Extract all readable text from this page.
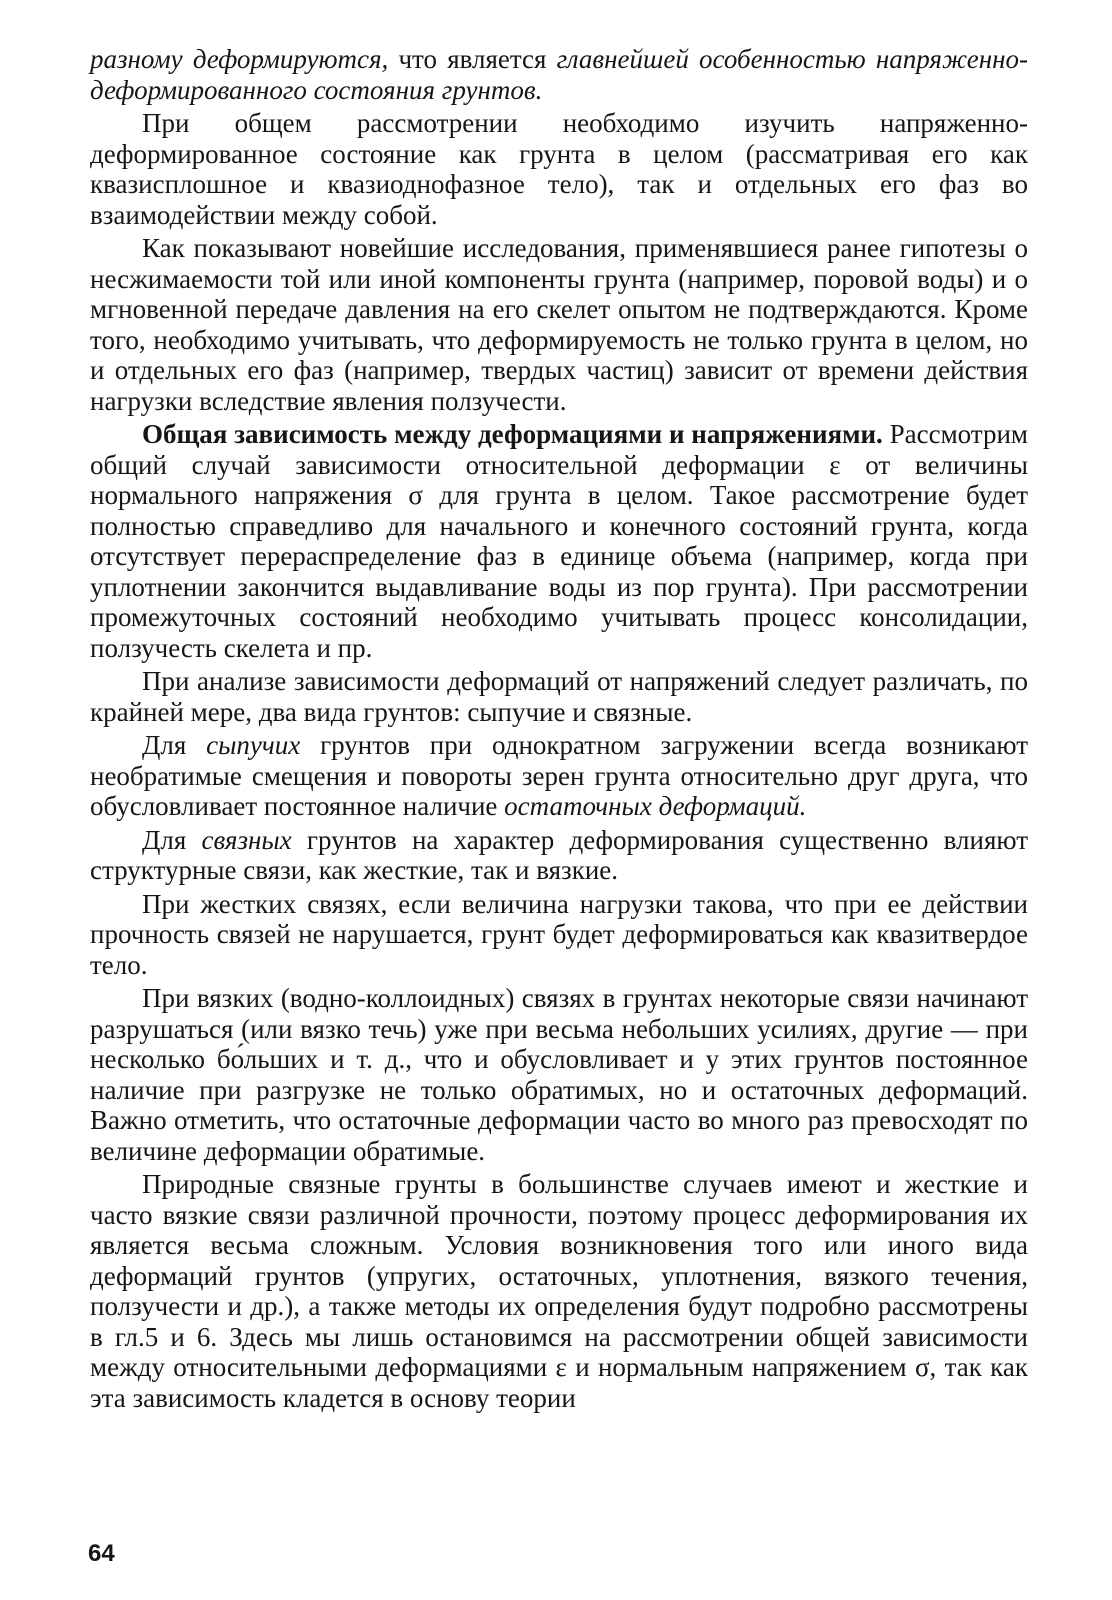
разному деформируются, что является главнейшей особенностью напряженно-деформированного состояния грунтов.

При общем рассмотрении необходимо изучить напряженно-деформированное состояние как грунта в целом (рассматривая его как квазисплошное и квазиоднофазное тело), так и отдельных его фаз во взаимодействии между собой.

Как показывают новейшие исследования, применявшиеся ранее гипотезы о несжимаемости той или иной компоненты грунта (например, поровой воды) и о мгновенной передаче давления на его скелет опытом не подтверждаются. Кроме того, необходимо учитывать, что деформируемость не только грунта в целом, но и отдельных его фаз (например, твердых частиц) зависит от времени действия нагрузки вследствие явления ползучести.

Общая зависимость между деформациями и напряжениями. Рассмотрим общий случай зависимости относительной деформации ε от величины нормального напряжения σ для грунта в целом. Такое рассмотрение будет полностью справедливо для начального и конечного состояний грунта, когда отсутствует перераспределение фаз в единице объема (например, когда при уплотнении закончится выдавливание воды из пор грунта). При рассмотрении промежуточных состояний необходимо учитывать процесс консолидации, ползучесть скелета и пр.

При анализе зависимости деформаций от напряжений следует различать, по крайней мере, два вида грунтов: сыпучие и связные.

Для сыпучих грунтов при однократном загружении всегда возникают необратимые смещения и повороты зерен грунта относительно друг друга, что обусловливает постоянное наличие остаточных деформаций.

Для связных грунтов на характер деформирования существенно влияют структурные связи, как жесткие, так и вязкие.

При жестких связях, если величина нагрузки такова, что при ее действии прочность связей не нарушается, грунт будет деформироваться как квазитвердое тело.

При вязких (водно-коллоидных) связях в грунтах некоторые связи начинают разрушаться (или вязко течь) уже при весьма небольших усилиях, другие — при несколько бо́льших и т. д., что и обусловливает и у этих грунтов постоянное наличие при разгрузке не только обратимых, но и остаточных деформаций. Важно отметить, что остаточные деформации часто во много раз превосходят по величине деформации обратимые.

Природные связные грунты в большинстве случаев имеют и жесткие и часто вязкие связи различной прочности, поэтому процесс деформирования их является весьма сложным. Условия возникновения того или иного вида деформаций грунтов (упругих, остаточных, уплотнения, вязкого течения, ползучести и др.), а также методы их определения будут подробно рассмотрены в гл.5 и 6. Здесь мы лишь остановимся на рассмотрении общей зависимости между относительными деформациями ε и нормальным напряжением σ, так как эта зависимость кладется в основу теории

64
